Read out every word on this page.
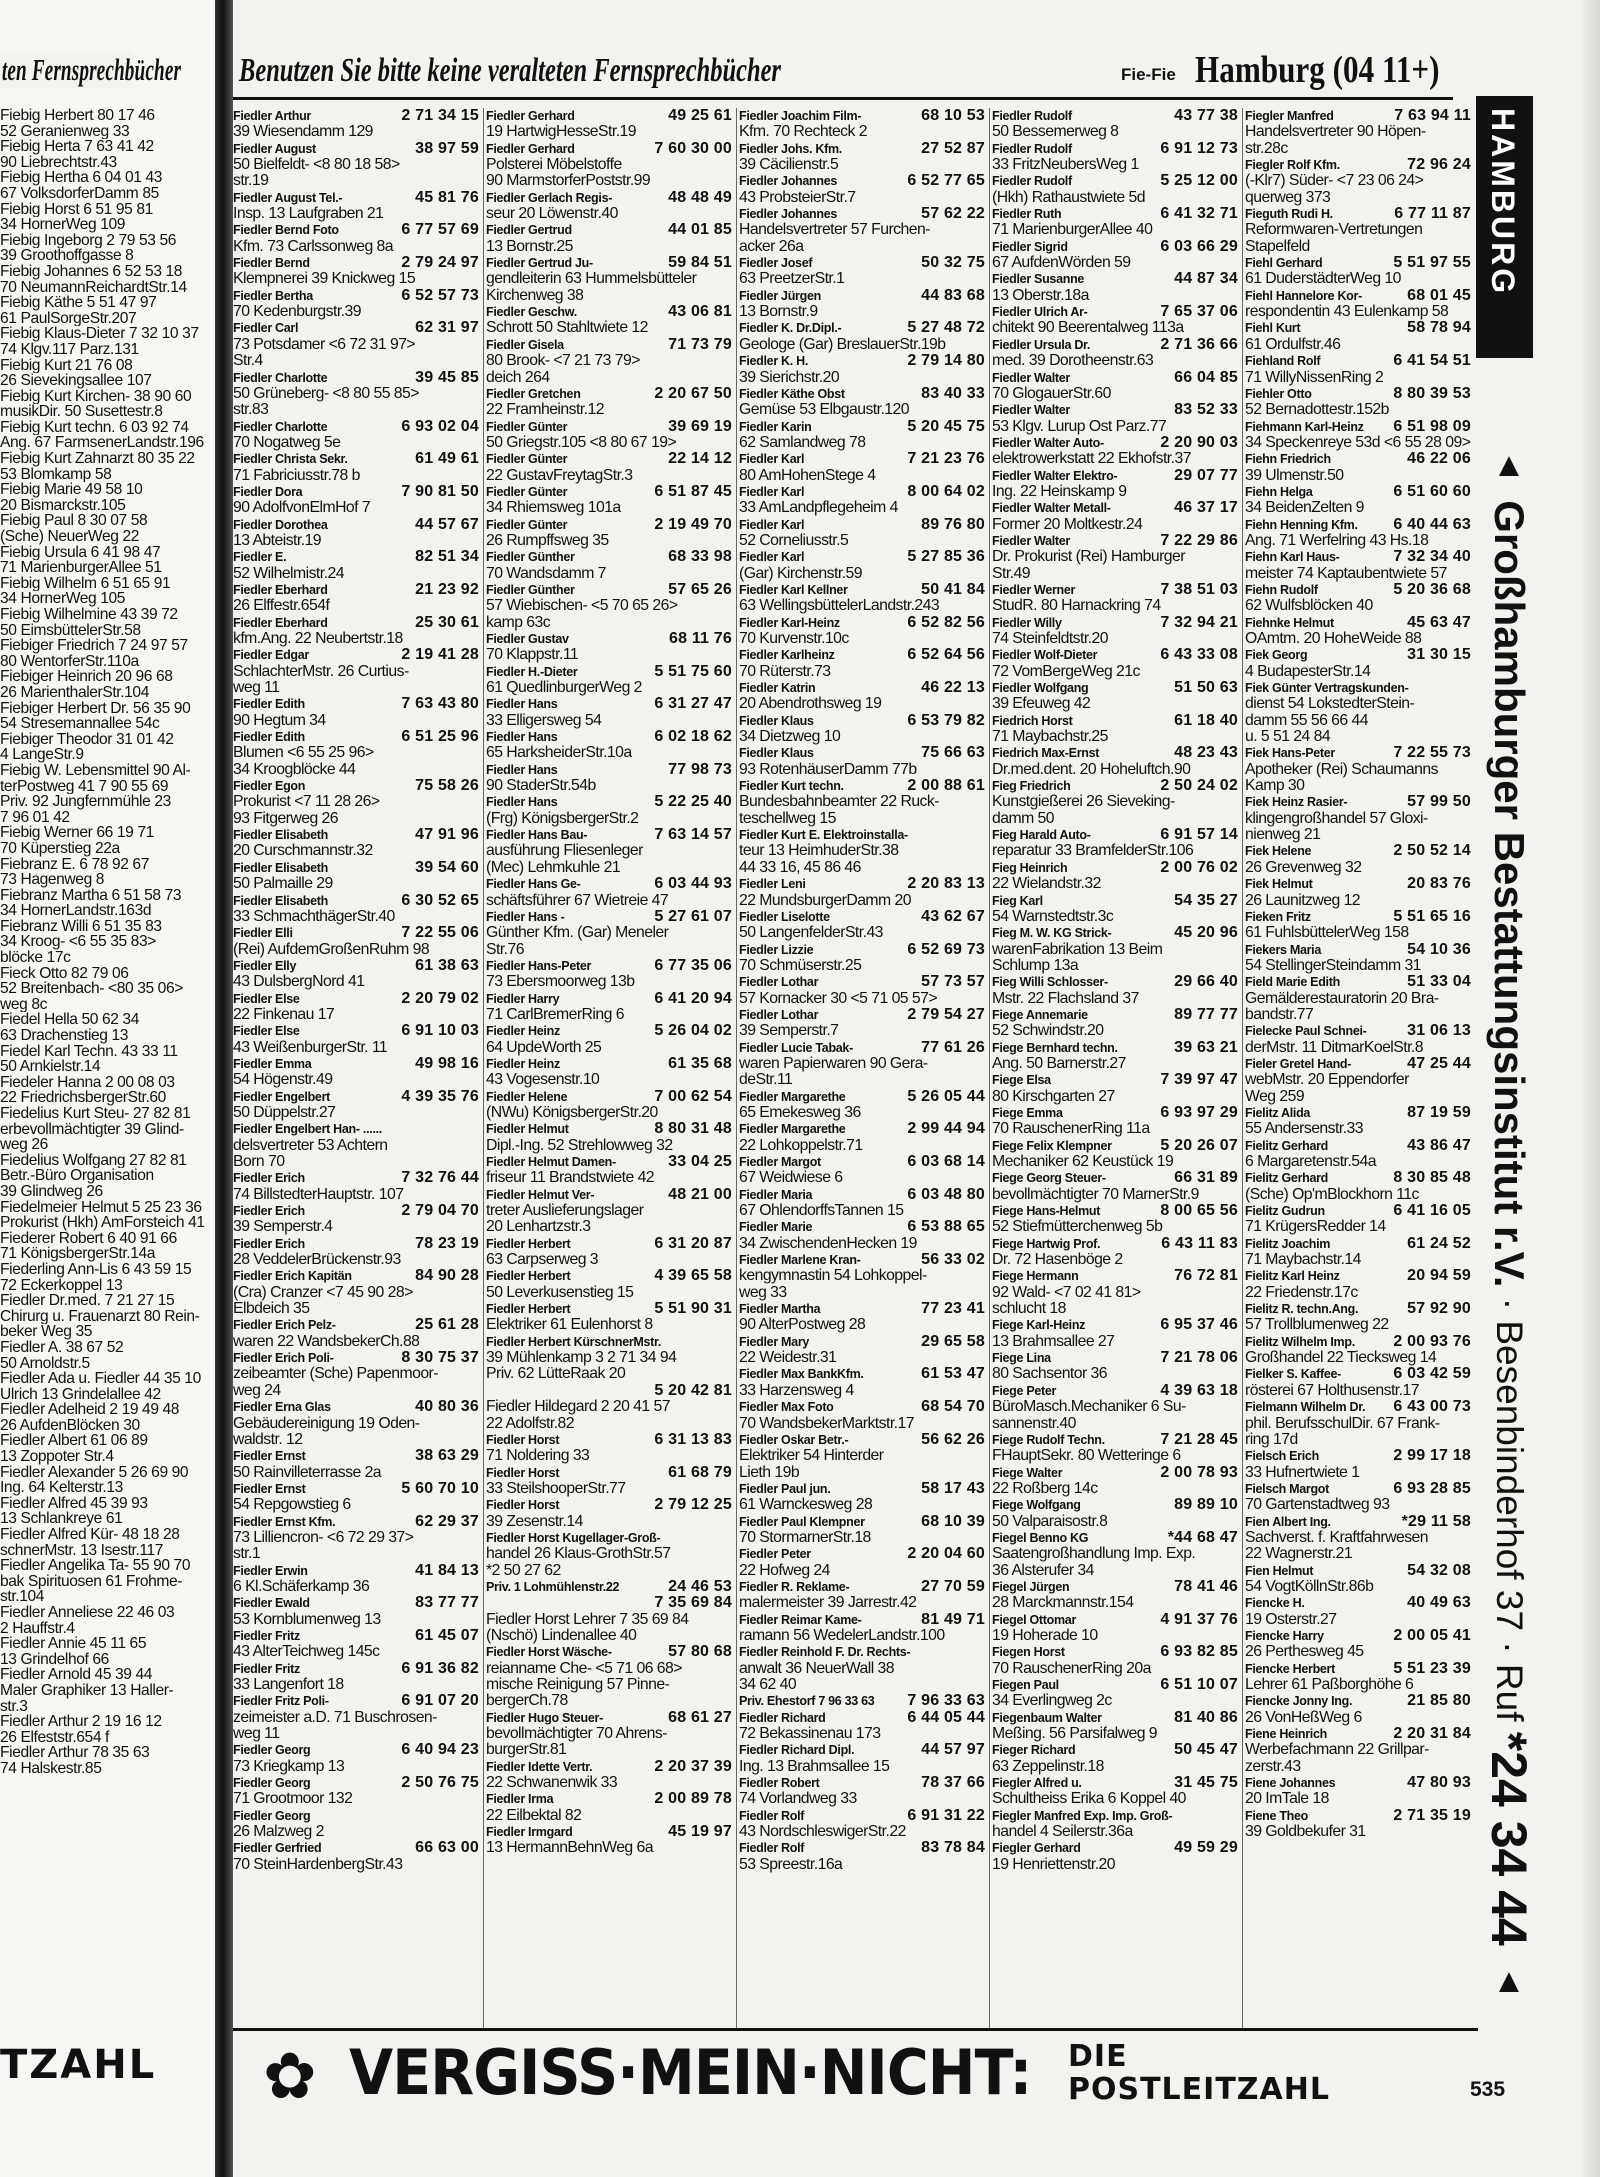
ten Fernsprechbücher
Fiebig Herbert 80 17 46
52 Geranienweg 33
Fiebig Herta 7 63 41 42
90 Liebrechtstr.43
Fiebig Hertha 6 04 01 43
67 VolksdorferDamm 85
Fiebig Horst 6 51 95 81
34 HornerWeg 109
Fiebig Ingeborg 2 79 53 56
39 Groothoffgasse 8
Fiebig Johannes 6 52 53 18
70 NeumannReichardtStr.14
Fiebig Käthe 5 51 47 97
61 PaulSorgeStr.207
Fiebig Klaus-Dieter 7 32 10 37
74 Klgv.117 Parz.131
Fiebig Kurt 21 76 08
26 Sievekingsallee 107
Fiebig Kurt Kirchen- 38 90 60
musikDir. 50 Susettestr.8
Fiebig Kurt techn. 6 03 92 74
Ang. 67 FarmsenerLandstr.196
Fiebig Kurt Zahnarzt 80 35 22
53 Blomkamp 58
Fiebig Marie 49 58 10
20 Bismarckstr.105
Fiebig Paul 8 30 07 58
(Sche) NeuerWeg 22
Fiebig Ursula 6 41 98 47
71 MarienburgerAllee 51
Fiebig Wilhelm 6 51 65 91
34 HornerWeg 105
Fiebig Wilhelmine 43 39 72
50 EimsbüttelerStr.58
Fiebiger Friedrich 7 24 97 57
80 WentorferStr.110a
Fiebiger Heinrich 20 96 68
26 MarienthalerStr.104
Fiebiger Herbert Dr. 56 35 90
54 Stresemannallee 54c
Fiebiger Theodor 31 01 42
4 LangeStr.9
Fiebig W. Lebensmittel 90 Al-
terPostweg 41 7 90 55 69
Priv. 92 Jungfernmühle 23
7 96 01 42
Fiebig Werner 66 19 71
70 Küperstieg 22a
Fiebranz E. 6 78 92 67
73 Hagenweg 8
Fiebranz Martha 6 51 58 73
34 HornerLandstr.163d
Fiebranz Willi 6 51 35 83
34 Kroog- <6 55 35 83>
blöcke 17c
Fieck Otto 82 79 06
52 Breitenbach- <80 35 06>
weg 8c
Fiedel Hella 50 62 34
63 Drachenstieg 13
Fiedel Karl Techn. 43 33 11
50 Arnkielstr.14
Fiedeler Hanna 2 00 08 03
22 FriedrichsbergerStr.60
Fiedelius Kurt Steu- 27 82 81
erbevollmächtigter 39 Glind-
weg 26
Fiedelius Wolfgang 27 82 81
Betr.-Büro Organisation
39 Glindweg 26
Fiedelmeier Helmut 5 25 23 36
Prokurist (Hkh) AmForsteich 41
Fiederer Robert 6 40 91 66
71 KönigsbergerStr.14a
Fiederling Ann-Lis 6 43 59 15
72 Eckerkoppel 13
Fiedler Dr.med. 7 21 27 15
Chirurg u. Frauenarzt 80 Rein-
beker Weg 35
Fiedler A. 38 67 52
50 Arnoldstr.5
Fiedler Ada u. Fiedler 44 35 10
Ulrich 13 Grindelallee 42
Fiedler Adelheid 2 19 49 48
26 AufdenBlöcken 30
Fiedler Albert 61 06 89
13 Zoppoter Str.4
Fiedler Alexander 5 26 69 90
Ing. 64 Kelterstr.13
Fiedler Alfred 45 39 93
13 Schlankreye 61
Fiedler Alfred Kür- 48 18 28
schnerMstr. 13 Isestr.117
Fiedler Angelika Ta- 55 90 70
bak Spirituosen 61 Frohme-
str.104
Fiedler Anneliese 22 46 03
2 Hauffstr.4
Fiedler Annie 45 11 65
13 Grindelhof 66
Fiedler Arnold 45 39 44
Maler Graphiker 13 Haller-
str.3
Fiedler Arthur 2 19 16 12
26 Elfeststr.654 f
Fiedler Arthur 78 35 63
74 Halskestr.85
TZAHL
Benutzen Sie bitte keine veralteten Fernsprechbücher	Fie-Fie Hamburg (04 11+)
Fiedler Arthur	2 71 34 15
39 Wiesendamm 129
Fiedler August	38 97 59
50 Bielfeldt- <8 80 18 58>
str.19
Fiedler August Tel.-	45 81 76
Insp. 13 Laufgraben 21
Fiedler Bernd Foto	6 77 57 69
Kfm. 73 Carlssonweg 8a
Fiedler Bernd	2 79 24 97
Klempnerei 39 Knickweg 15
Fiedler Bertha	6 52 57 73
70 Kedenburgstr.39
Fiedler Carl	62 31 97
73 Potsdamer <6 72 31 97>
Str.4
Fiedler Charlotte	39 45 85
50 Grüneberg- <8 80 55 85>
str.83
Fiedler Charlotte	6 93 02 04
70 Nogatweg 5e
Fiedler Christa Sekr.	61 49 61
71 Fabriciusstr.78 b
Fiedler Dora	7 90 81 50
90 AdolfvonElmHof 7
Fiedler Dorothea	44 57 67
13 Abteistr.19
Fiedler E.	82 51 34
52 Wilhelmistr.24
Fiedler Eberhard	21 23 92
26 Elffestr.654f
Fiedler Eberhard	25 30 61
kfm.Ang. 22 Neubertstr.18
Fiedler Edgar	2 19 41 28
SchlachterMstr. 26 Curtius-
weg 11
Fiedler Edith	7 63 43 80
90 Hegtum 34
Fiedler Edith	6 51 25 96
Blumen <6 55 25 96>
34 Kroogblöcke 44
Fiedler Egon	75 58 26
Prokurist <7 11 28 26>
93 Fitgerweg 26
Fiedler Elisabeth	47 91 96
20 Curschmannstr.32
Fiedler Elisabeth	39 54 60
50 Palmaille 29
Fiedler Elisabeth	6 30 52 65
33 SchmachthägerStr.40
Fiedler Elli	7 22 55 06
(Rei) AufdemGroßenRuhm 98
Fiedler Elly	61 38 63
43 DulsbergNord 41
Fiedler Else	2 20 79 02
22 Finkenau 17
Fiedler Else	6 91 10 03
43 WeißenburgerStr. 11
Fiedler Emma	49 98 16
54 Högenstr.49
Fiedler Engelbert	4 39 35 76
50 Düppelstr.27
Fiedler Engelbert Han- ......
delsvertreter 53 Achtern
Born 70
Fiedler Erich	7 32 76 44
74 BillstedterHauptstr. 107
Fiedler Erich	2 79 04 70
39 Semperstr.4
Fiedler Erich	78 23 19
28 VeddelerBrückenstr.93
Fiedler Erich Kapitän	84 90 28
(Cra) Cranzer <7 45 90 28>
Elbdeich 35
Fiedler Erich Pelz-	25 61 28
waren 22 WandsbekerCh.88
Fiedler Erich Poli-	8 30 75 37
zeibeamter (Sche) Papenmoor-
weg 24
Fiedler Erna Glas	40 80 36
Gebäudereinigung 19 Oden-
waldstr. 12
Fiedler Ernst	38 63 29
50 Rainvilleterrasse 2a
Fiedler Ernst	5 60 70 10
54 Repgowstieg 6
Fiedler Ernst Kfm.	62 29 37
73 Lilliencron- <6 72 29 37>
str.1
Fiedler Erwin	41 84 13
6 Kl.Schäferkamp 36
Fiedler Ewald	83 77 77
53 Kornblumenweg 13
Fiedler Fritz	61 45 07
43 AlterTeichweg 145c
Fiedler Fritz	6 91 36 82
33 Langenfort 18
Fiedler Fritz Poli-	6 91 07 20
zeimeister a.D. 71 Buschrosen-
weg 11
Fiedler Georg	6 40 94 23
73 Kriegkamp 13
Fiedler Georg	2 50 76 75
71 Grootmoor 132
Fiedler Georg
26 Malzweg 2
Fiedler Gerfried	66 63 00
70 SteinHardenbergStr.43
Fiedler Gerhard	49 25 61
19 HartwigHesseStr.19
Fiedler Gerhard	7 60 30 00
Polsterei Möbelstoffe
90 MarmstorferPoststr.99
Fiedler Gerlach Regis-	48 48 49
seur 20 Löwenstr.40
Fiedler Gertrud	44 01 85
13 Bornstr.25
Fiedler Gertrud Ju-	59 84 51
gendleiterin 63 Hummelsbütteler
Kirchenweg 38
Fiedler Geschw.	43 06 81
Schrott 50 Stahltwiete 12
Fiedler Gisela	71 73 79
80 Brook- <7 21 73 79>
deich 264
Fiedler Gretchen	2 20 67 50
22 Framheinstr.12
Fiedler Günter	39 69 19
50 Griegstr.105 <8 80 67 19>
Fiedler Günter	22 14 12
22 GustavFreytagStr.3
Fiedler Günter	6 51 87 45
34 Rhiemsweg 101a
Fiedler Günter	2 19 49 70
26 Rumpffsweg 35
Fiedler Günther	68 33 98
70 Wandsdamm 7
Fiedler Günther	57 65 26
57 Wiebischen- <5 70 65 26>
kamp 63c
Fiedler Gustav	68 11 76
70 Klappstr.11
Fiedler H.-Dieter	5 51 75 60
61 QuedlinburgerWeg 2
Fiedler Hans	6 31 27 47
33 Elligersweg 54
Fiedler Hans	6 02 18 62
65 HarksheiderStr.10a
Fiedler Hans	77 98 73
90 StaderStr.54b
Fiedler Hans	5 22 25 40
(Frg) KönigsbergerStr.2
Fiedler Hans Bau-	7 63 14 57
ausführung Fliesenleger
(Mec) Lehmkuhle 21
Fiedler Hans Ge-	6 03 44 93
schäftsführer 67 Wietreie 47
Fiedler Hans -	5 27 61 07
Günther Kfm. (Gar) Meneler
Str.76
Fiedler Hans-Peter	6 77 35 06
73 Ebersmoorweg 13b
Fiedler Harry	6 41 20 94
71 CarlBremerRing 6
Fiedler Heinz	5 26 04 02
64 UpdeWorth 25
Fiedler Heinz	61 35 68
43 Vogesenstr.10
Fiedler Helene	7 00 62 54
(NWu) KönigsbergerStr.20
Fiedler Helmut	8 80 31 48
Dipl.-Ing. 52 Strehlowweg 32
Fiedler Helmut Damen-	33 04 25
friseur 11 Brandstwiete 42
Fiedler Helmut Ver-	48 21 00
treter Auslieferungslager
20 Lenhartzstr.3
Fiedler Herbert	6 31 20 87
63 Carpserweg 3
Fiedler Herbert	4 39 65 58
50 Leverkusenstieg 15
Fiedler Herbert	5 51 90 31
Elektriker 61 Eulenhorst 8
Fiedler Herbert KürschnerMstr.
39 Mühlenkamp 3 2 71 34 94
Priv. 62 LütteRaak 20
5 20 42 81
Fiedler Hildegard 2 20 41 57
22 Adolfstr.82
Fiedler Horst	6 31 13 83
71 Noldering 33
Fiedler Horst	61 68 79
33 SteilshooperStr.77
Fiedler Horst	2 79 12 25
39 Zesenstr.14
Fiedler Horst Kugellager-Groß-
handel 26 Klaus-GrothStr.57
*2 50 27 62
Priv. 1 Lohmühlenstr.22	24 46 53
7 35 69 84
Fiedler Horst Lehrer 7 35 69 84
(Nschö) Lindenallee 40
Fiedler Horst Wäsche-	57 80 68
reianname Che- <5 71 06 68>
mische Reinigung 57 Pinne-
bergerCh.78
Fiedler Hugo Steuer-	68 61 27
bevollmächtigter 70 Ahrens-
burgerStr.81
Fiedler Idette Vertr.	2 20 37 39
22 Schwanenwik 33
Fiedler Irma	2 00 89 78
22 Eilbektal 82
Fiedler Irmgard	45 19 97
13 HermannBehnWeg 6a
Fiedler Joachim Film-	68 10 53
Kfm. 70 Rechteck 2
Fiedler Johs. Kfm.	27 52 87
39 Cäcilienstr.5
Fiedler Johannes	6 52 77 65
43 ProbsteierStr.7
Fiedler Johannes	57 62 22
Handelsvertreter 57 Furchen-
acker 26a
Fiedler Josef	50 32 75
63 PreetzerStr.1
Fiedler Jürgen	44 83 68
13 Bornstr.9
Fiedler K. Dr.Dipl.-	5 27 48 72
Geologe (Gar) BreslauerStr.19b
Fiedler K. H.	2 79 14 80
39 Sierichstr.20
Fiedler Käthe Obst	83 40 33
Gemüse 53 Elbgaustr.120
Fiedler Karin	5 20 45 75
62 Samlandweg 78
Fiedler Karl	7 21 23 76
80 AmHohenStege 4
Fiedler Karl	8 00 64 02
33 AmLandpflegeheim 4
Fiedler Karl	89 76 80
52 Corneliusstr.5
Fiedler Karl	5 27 85 36
(Gar) Kirchenstr.59
Fiedler Karl Kellner	50 41 84
63 WellingsbüttelerLandstr.243
Fiedler Karl-Heinz	6 52 82 56
70 Kurvenstr.10c
Fiedler Karlheinz	6 52 64 56
70 Rüterstr.73
Fiedler Katrin	46 22 13
20 Abendrothsweg 19
Fiedler Klaus	6 53 79 82
34 Dietzweg 10
Fiedler Klaus	75 66 63
93 RotenhäuserDamm 77b
Fiedler Kurt techn.	2 00 88 61
Bundesbahnbeamter 22 Ruck-
teschellweg 15
Fiedler Kurt E. Elektroinstalla-
teur 13 HeimhuderStr.38
44 33 16, 45 86 46
Fiedler Leni	2 20 83 13
22 MundsburgerDamm 20
Fiedler Liselotte	43 62 67
50 LangenfelderStr.43
Fiedler Lizzie	6 52 69 73
70 Schmüserstr.25
Fiedler Lothar	57 73 57
57 Kornacker 30 <5 71 05 57>
Fiedler Lothar	2 79 54 27
39 Semperstr.7
Fiedler Lucie Tabak-	77 61 26
waren Papierwaren 90 Gera-
deStr.11
Fiedler Margarethe	5 26 05 44
65 Emekesweg 36
Fiedler Margarethe	2 99 44 94
22 Lohkoppelstr.71
Fiedler Margot	6 03 68 14
67 Weidwiese 6
Fiedler Maria	6 03 48 80
67 OhlendorffsTannen 15
Fiedler Marie	6 53 88 65
34 ZwischendenHecken 19
Fiedler Marlene Kran-	56 33 02
kengymnastin 54 Lohkoppel-
weg 33
Fiedler Martha	77 23 41
90 AlterPostweg 28
Fiedler Mary	29 65 58
22 Weidestr.31
Fiedler Max BankKfm.	61 53 47
33 Harzensweg 4
Fiedler Max Foto	68 54 70
70 WandsbekerMarktstr.17
Fiedler Oskar Betr.-	56 62 26
Elektriker 54 Hinterder
Lieth 19b
Fiedler Paul jun.	58 17 43
61 Warnckesweg 28
Fiedler Paul Klempner	68 10 39
70 StormarnerStr.18
Fiedler Peter	2 20 04 60
22 Hofweg 24
Fiedler R. Reklame-	27 70 59
malermeister 39 Jarrestr.42
Fiedler Reimar Kame-	81 49 71
ramann 56 WedelerLandstr.100
Fiedler Reinhold F. Dr. Rechts-
anwalt 36 NeuerWall 38
34 62 40
Priv. Ehestorf 7 96 33 63 7 96 33 63
Fiedler Richard	6 44 05 44
72 Bekassinenau 173
Fiedler Richard Dipl.	44 57 97
Ing. 13 Brahmsallee 15
Fiedler Robert	78 37 66
74 Vorlandweg 33
Fiedler Rolf	6 91 31 22
43 NordschleswigerStr.22
Fiedler Rolf	83 78 84
53 Spreestr.16a
Fiedler Rudolf	43 77 38
50 Bessemerweg 8
Fiedler Rudolf	6 91 12 73
33 FritzNeubersWeg 1
Fiedler Rudolf	5 25 12 00
(Hkh) Rathaustwiete 5d
Fiedler Ruth	6 41 32 71
71 MarienburgerAllee 40
Fiedler Sigrid	6 03 66 29
67 AufdenWörden 59
Fiedler Susanne	44 87 34
13 Oberstr.18a
Fiedler Ulrich Ar-	7 65 37 06
chitekt 90 Beerentalweg 113a
Fiedler Ursula Dr.	2 71 36 66
med. 39 Dorotheenstr.63
Fiedler Walter	66 04 85
70 GlogauerStr.60
Fiedler Walter	83 52 33
53 Klgv. Lurup Ost Parz.77
Fiedler Walter Auto-	2 20 90 03
elektrowerkstatt 22 Ekhofstr.37
Fiedler Walter Elektro-	29 07 77
Ing. 22 Heinskamp 9
Fiedler Walter Metall-	46 37 17
Former 20 Moltkestr.24
Fiedler Walter	7 22 29 86
Dr. Prokurist (Rei) Hamburger
Str.49
Fiedler Werner	7 38 51 03
StudR. 80 Harnackring 74
Fiedler Willy	7 32 94 21
74 Steinfeldtstr.20
Fiedler Wolf-Dieter	6 43 33 08
72 VomBergeWeg 21c
Fiedler Wolfgang	51 50 63
39 Efeuweg 42
Fiedrich Horst	61 18 40
71 Maybachstr.25
Fiedrich Max-Ernst	48 23 43
Dr.med.dent. 20 Hoheluftch.90
Fieg Friedrich	2 50 24 02
Kunstgießerei 26 Sieveking-
damm 50
Fieg Harald Auto-	6 91 57 14
reparatur 33 BramfelderStr.106
Fieg Heinrich	2 00 76 02
22 Wielandstr.32
Fieg Karl	54 35 27
54 Warnstedtstr.3c
Fieg M. W. KG Strick-	45 20 96
warenFabrikation 13 Beim
Schlump 13a
Fieg Willi Schlosser-	29 66 40
Mstr. 22 Flachsland 37
Fiege Annemarie	89 77 77
52 Schwindstr.20
Fiege Bernhard techn.	39 63 21
Ang. 50 Barnerstr.27
Fiege Elsa	7 39 97 47
80 Kirschgarten 27
Fiege Emma	6 93 97 29
70 RauschenerRing 11a
Fiege Felix Klempner	5 20 26 07
Mechaniker 62 Keustück 19
Fiege Georg Steuer-	66 31 89
bevollmächtigter 70 MarnerStr.9
Fiege Hans-Helmut	8 00 65 56
52 Stiefmütterchenweg 5b
Fiege Hartwig Prof.	6 43 11 83
Dr. 72 Hasenböge 2
Fiege Hermann	76 72 81
92 Wald- <7 02 41 81>
schlucht 18
Fiege Karl-Heinz	6 95 37 46
13 Brahmsallee 27
Fiege Lina	7 21 78 06
80 Sachsentor 36
Fiege Peter	4 39 63 18
BüroMasch.Mechaniker 6 Su-
sannenstr.40
Fiege Rudolf Techn.	7 21 28 45
FHauptSekr. 80 Wetteringe 6
Fiege Walter	2 00 78 93
22 Roßberg 14c
Fiege Wolfgang	89 89 10
50 Valparaisostr.8
Fiegel Benno KG	*44 68 47
Saatengroßhandlung Imp. Exp.
36 Alsterufer 34
Fiegel Jürgen	78 41 46
28 Marckmannstr.154
Fiegel Ottomar	4 91 37 76
19 Hoherade 10
Fiegen Horst	6 93 82 85
70 RauschenerRing 20a
Fiegen Paul	6 51 10 07
34 Everlingweg 2c
Fiegenbaum Walter	81 40 86
Meßing. 56 Parsifalweg 9
Fieger Richard	50 45 47
63 Zeppelinstr.18
Fiegler Alfred u.	31 45 75
Schultheiss Erika 6 Koppel 40
Fiegler Manfred Exp. Imp. Groß-
handel 4 Seilerstr.36a
Fiegler Gerhard	49 59 29
19 Henriettenstr.20
Fiegler Manfred	7 63 94 11
Handelsvertreter 90 Höpen-
str.28c
Fiegler Rolf Kfm.	72 96 24
(-Klr7) Süder- <7 23 06 24>
querweg 373
Fieguth Rudi H.	6 77 11 87
Reformwaren-Vertretungen
Stapelfeld
Fiehl Gerhard	5 51 97 55
61 DuderstädterWeg 10
Fiehl Hannelore Kor-	68 01 45
respondentin 43 Eulenkamp 58
Fiehl Kurt	58 78 94
61 Ordulfstr.46
Fiehland Rolf	6 41 54 51
71 WillyNissenRing 2
Fiehler Otto	8 80 39 53
52 Bernadottestr.152b
Fiehmann Karl-Heinz 6 51 98 09
34 Speckenreye 53d <6 55 28 09>
Fiehn Friedrich	46 22 06
39 Ulmenstr.50
Fiehn Helga	6 51 60 60
34 BeidenZelten 9
Fiehn Henning Kfm. 6 40 44 63
Ang. 71 Werfelring 43 Hs.18
Fiehn Karl Haus-	7 32 34 40
meister 74 Kaptaubentwiete 57
Fiehn Rudolf	5 20 36 68
62 Wulfsblöcken 40
Fiehnke Helmut	45 63 47
OAmtm. 20 HoheWeide 88
Fiek Georg	31 30 15
4 BudapesterStr.14
Fiek Günter Vertragskunden-
dienst 54 LokstedterStein-
damm 55 56 66 44
u. 5 51 24 84
Fiek Hans-Peter	7 22 55 73
Apotheker (Rei) Schaumanns
Kamp 30
Fiek Heinz Rasier-	57 99 50
klingengroßhandel 57 Gloxi-
nienweg 21
Fiek Helene	2 50 52 14
26 Grevenweg 32
Fiek Helmut	20 83 76
26 Launitzweg 12
Fieken Fritz	5 51 65 16
61 FuhlsbüttelerWeg 158
Fiekers Maria	54 10 36
54 StellingerSteindamm 31
Field Marie Edith	51 33 04
Gemälderestauratorin 20 Bra-
bandstr.77
Fielecke Paul Schnei-	31 06 13
derMstr. 11 DitmarKoelStr.8
Fieler Gretel Hand-	47 25 44
webMstr. 20 Eppendorfer
Weg 259
Fielitz Alida	87 19 59
55 Andersenstr.33
Fielitz Gerhard	43 86 47
6 Margaretenstr.54a
Fielitz Gerhard	8 30 85 48
(Sche) Op'mBlockhorn 11c
Fielitz Gudrun	6 41 16 05
71 KrügersRedder 14
Fielitz Joachim	61 24 52
71 Maybachstr.14
Fielitz Karl Heinz	20 94 59
22 Friedenstr.17c
Fielitz R. techn.Ang.	57 92 90
57 Trollblumenweg 22
Fielitz Wilhelm Imp. 2 00 93 76
Großhandel 22 Tiecksweg 14
Fielker S. Kaffee-	6 03 42 59
rösterei 67 Holthusenstr.17
Fielmann Wilhelm Dr. 6 43 00 73
phil. BerufsschulDir. 67 Frank-
ring 17d
Fielsch Erich	2 99 17 18
33 Hufnertwiete 1
Fielsch Margot	6 93 28 85
70 Gartenstadtweg 93
Fien Albert Ing.	*29 11 58
Sachverst. f. Kraftfahrwesen
22 Wagnerstr.21
Fien Helmut	54 32 08
54 VogtKöllnStr.86b
Fiencke H.	40 49 63
19 Osterstr.27
Fiencke Harry	2 00 05 41
26 Perthesweg 45
Fiencke Herbert	5 51 23 39
Lehrer 61 Paßborghöhe 6
Fiencke Jonny Ing.	21 85 80
26 VonHeßWeg 6
Fiene Heinrich	2 20 31 84
Werbefachmann 22 Grillpar-
zerstr.43
Fiene Johannes	47 80 93
20 ImTale 18
Fiene Theo	2 71 35 19
39 Goldbekufer 31
HAMBURG
▲ Großhamburger Bestattungsinstitut r.V. · Besenbinderhof 37 · Ruf *24 34 44 ▲
✿ VERGISS·MEIN·NICHT: DIE
POSTLEITZAHL	535
